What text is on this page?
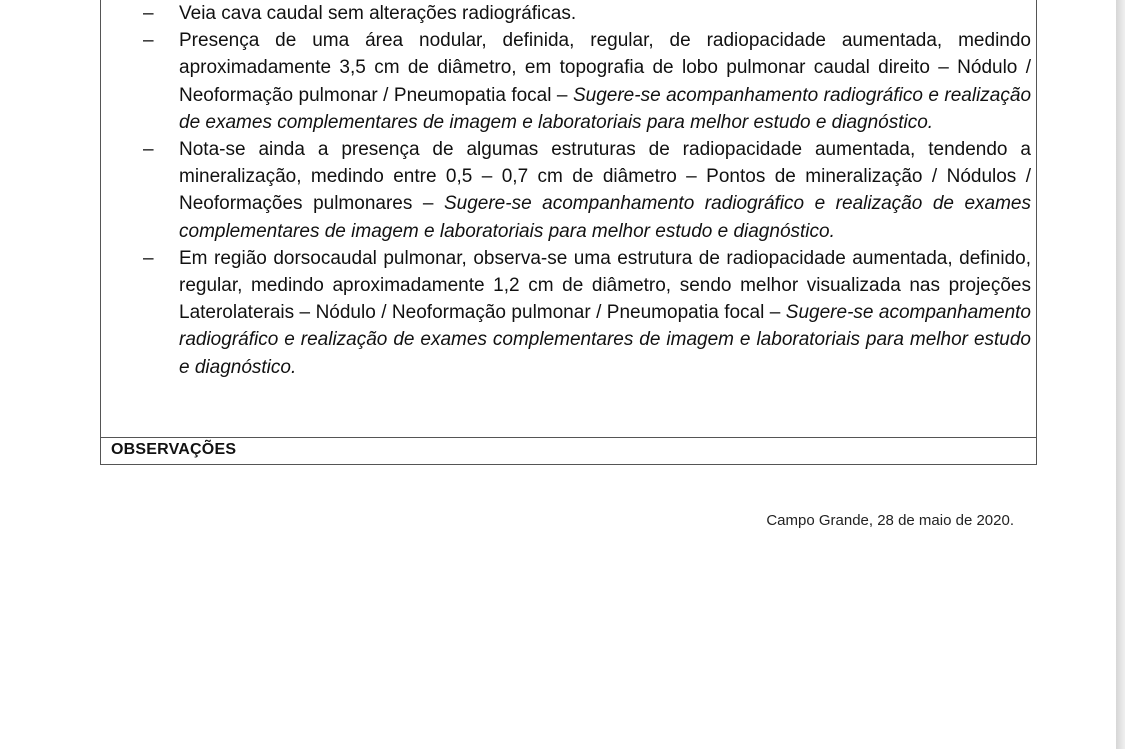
–	Veia cava caudal sem alterações radiográficas.
–	Presença de uma área nodular, definida, regular, de radiopacidade aumentada, medindo aproximadamente 3,5 cm de diâmetro, em topografia de lobo pulmonar caudal direito – Nódulo / Neoformação pulmonar / Pneumopatia focal – Sugere-se acompanhamento radiográfico e realização de exames complementares de imagem e laboratoriais para melhor estudo e diagnóstico.
–	Nota-se ainda a presença de algumas estruturas de radiopacidade aumentada, tendendo a mineralização, medindo entre 0,5 – 0,7 cm de diâmetro – Pontos de mineralização / Nódulos / Neoformações pulmonares – Sugere-se acompanhamento radiográfico e realização de exames complementares de imagem e laboratoriais para melhor estudo e diagnóstico.
–	Em região dorsocaudal pulmonar, observa-se uma estrutura de radiopacidade aumentada, definido, regular, medindo aproximadamente 1,2 cm de diâmetro, sendo melhor visualizada nas projeções Laterolaterais – Nódulo / Neoformação pulmonar / Pneumopatia focal – Sugere-se acompanhamento radiográfico e realização de exames complementares de imagem e laboratoriais para melhor estudo e diagnóstico.
OBSERVAÇÕES
Campo Grande, 28 de maio de 2020.
